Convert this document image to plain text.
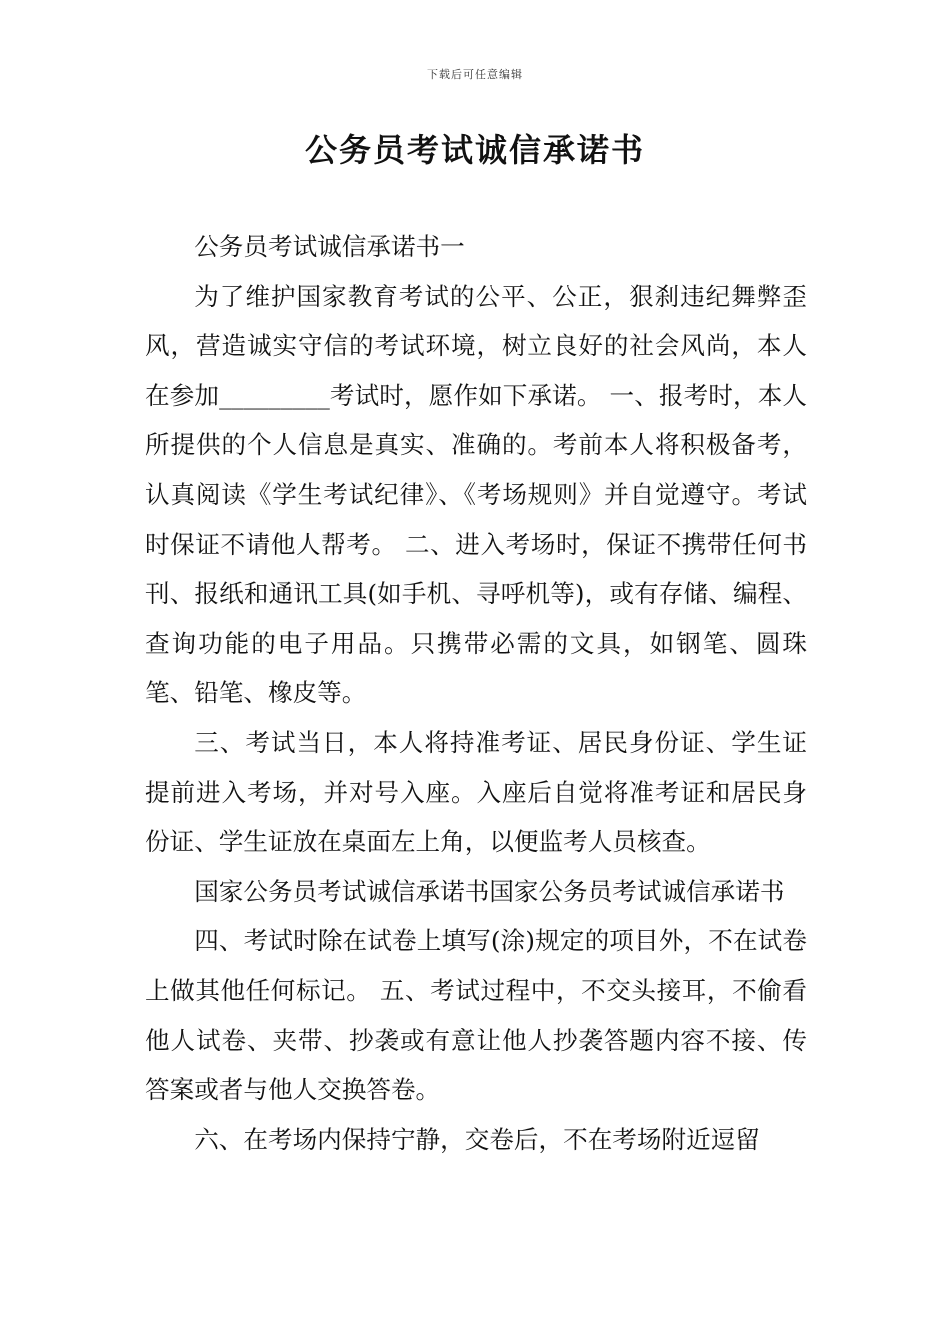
下载后可任意编辑
公务员考试诚信承诺书

公务员考试诚信承诺书一

为了维护国家教育考试的公平、公正，狠刹违纪舞弊歪风，营造诚实守信的考试环境，树立良好的社会风尚，本人在参加_________考试时，愿作如下承诺。 一、报考时，本人所提供的个人信息是真实、准确的。考前本人将积极备考，认真阅读《学生考试纪律》、《考场规则》并自觉遵守。考试时保证不请他人帮考。 二、进入考场时，保证不携带任何书刊、报纸和通讯工具(如手机、寻呼机等)，或有存储、编程、查询功能的电子用品。只携带必需的文具，如钢笔、圆珠笔、铅笔、橡皮等。

三、考试当日，本人将持准考证、居民身份证、学生证提前进入考场，并对号入座。入座后自觉将准考证和居民身份证、学生证放在桌面左上角，以便监考人员核查。

国家公务员考试诚信承诺书国家公务员考试诚信承诺书

四、考试时除在试卷上填写(涂)规定的项目外，不在试卷上做其他任何标记。 五、考试过程中，不交头接耳，不偷看他人试卷、夹带、抄袭或有意让他人抄袭答题内容不接、传答案或者与他人交换答卷。

六、在考场内保持宁静，交卷后，不在考场附近逗留
